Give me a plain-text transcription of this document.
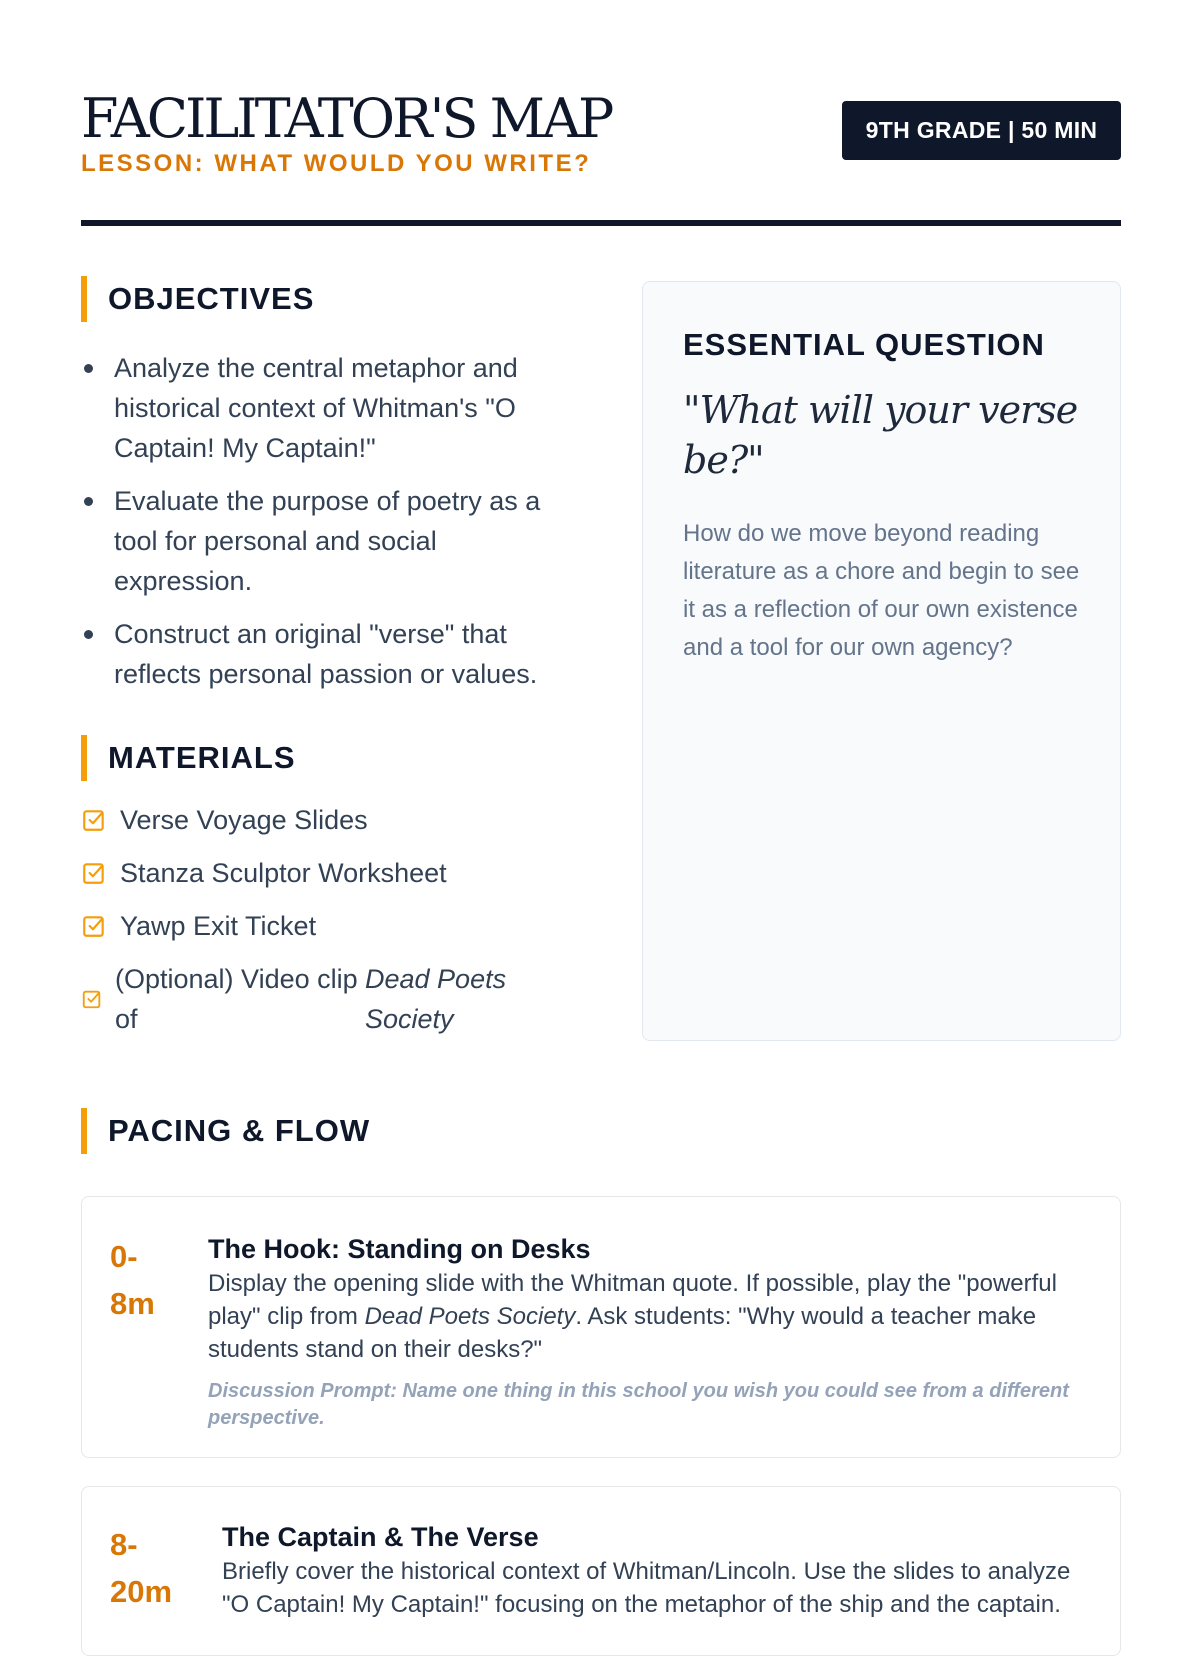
FACILITATOR'S MAP
LESSON: WHAT WOULD YOU WRITE?
9TH GRADE | 50 MIN
OBJECTIVES
Analyze the central metaphor and historical context of Whitman's "O Captain! My Captain!"
Evaluate the purpose of poetry as a tool for personal and social expression.
Construct an original "verse" that reflects personal passion or values.
MATERIALS
Verse Voyage Slides
Stanza Sculptor Worksheet
Yawp Exit Ticket
(Optional) Video clip of
Dead Poets Society
ESSENTIAL QUESTION
"What will your verse be?"

How do we move beyond reading literature as a chore and begin to see it as a reflection of our own existence and a tool for our own agency?

PACING & FLOW
0-8m
The Hook: Standing on Desks

Display the opening slide with the Whitman quote. If possible, play the "powerful play" clip from Dead Poets Society. Ask students: "Why would a teacher make students stand on their desks?"

Discussion Prompt: Name one thing in this school you wish you could see from a different perspective.

8-20m
The Captain & The Verse

Briefly cover the historical context of Whitman/Lincoln. Use the slides to analyze "O Captain! My Captain!" focusing on the metaphor of the ship and the captain.
